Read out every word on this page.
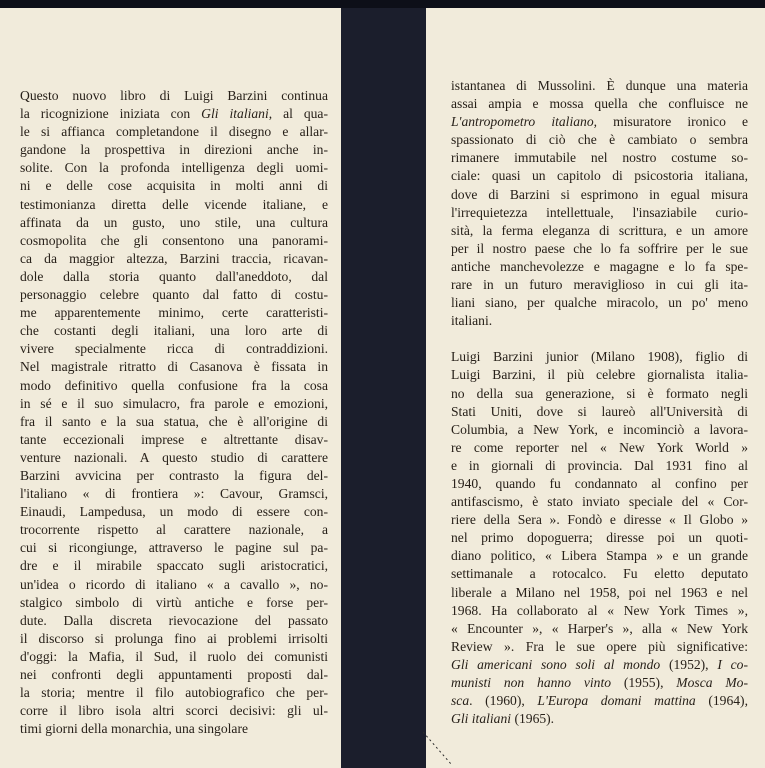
Questo nuovo libro di Luigi Barzini continua
la ricognizione iniziata con Gli italiani, al qua-
le si affianca completandone il disegno e allar-
gandone la prospettiva in direzioni anche in-
solite. Con la profonda intelligenza degli uomi-
ni e delle cose acquisita in molti anni di
testimonianza diretta delle vicende italiane, e
affinata da un gusto, uno stile, una cultura
cosmopolita che gli consentono una panorami-
ca da maggior altezza, Barzini traccia, ricavan-
dole dalla storia quanto dall'aneddoto, dal
personaggio celebre quanto dal fatto di costu-
me apparentemente minimo, certe caratteristi-
che costanti degli italiani, una loro arte di
vivere specialmente ricca di contraddizioni.
Nel magistrale ritratto di Casanova è fissata in
modo definitivo quella confusione fra la cosa
in sé e il suo simulacro, fra parole e emozioni,
fra il santo e la sua statua, che è all'origine di
tante eccezionali imprese e altrettante disav-
venture nazionali. A questo studio di carattere
Barzini avvicina per contrasto la figura del-
l'italiano « di frontiera »: Cavour, Gramsci,
Einaudi, Lampedusa, un modo di essere con-
trocorrente rispetto al carattere nazionale, a
cui si ricongiunge, attraverso le pagine sul pa-
dre e il mirabile spaccato sugli aristocratici,
un'idea o ricordo di italiano « a cavallo », no-
stalgico simbolo di virtù antiche e forse per-
dute. Dalla discreta rievocazione del passato
il discorso si prolunga fino ai problemi irrisolti
d'oggi: la Mafia, il Sud, il ruolo dei comunisti
nei confronti degli appuntamenti proposti dal-
la storia; mentre il filo autobiografico che per-
corre il libro isola altri scorci decisivi: gli ul-
timi giorni della monarchia, una singolare

istantanea di Mussolini. È dunque una materia
assai ampia e mossa quella che confluisce ne
L'antropometro italiano, misuratore ironico e
spassionato di ciò che è cambiato o sembra
rimanere immutabile nel nostro costume so-
ciale: quasi un capitolo di psicostoria italiana,
dove di Barzini si esprimono in egual misura
l'irrequietezza intellettuale, l'insaziabile curio-
sità, la ferma eleganza di scrittura, e un amore
per il nostro paese che lo fa soffrire per le sue
antiche manchevolezze e magagne e lo fa spe-
rare in un futuro meraviglioso in cui gli ita-
liani siano, per qualche miracolo, un po' meno
italiani.

Luigi Barzini junior (Milano 1908), figlio di
Luigi Barzini, il più celebre giornalista italia-
no della sua generazione, si è formato negli
Stati Uniti, dove si laureò all'Università di
Columbia, a New York, e incominciò a lavora-
re come reporter nel « New York World »
e in giornali di provincia. Dal 1931 fino al
1940, quando fu condannato al confino per
antifascismo, è stato inviato speciale del « Cor-
riere della Sera ». Fondò e diresse « Il Globo »
nel primo dopoguerra; diresse poi un quoti-
diano politico, « Libera Stampa » e un grande
settimanale a rotocalco. Fu eletto deputato
liberale a Milano nel 1958, poi nel 1963 e nel
1968. Ha collaborato al « New York Times »,
« Encounter », « Harper's », alla « New York
Review ». Fra le sue opere più significative:
Gli americani sono soli al mondo (1952), I co-
munisti non hanno vinto (1955), Mosca Mo-
sca. (1960), L'Europa domani mattina (1964),
Gli italiani (1965).
